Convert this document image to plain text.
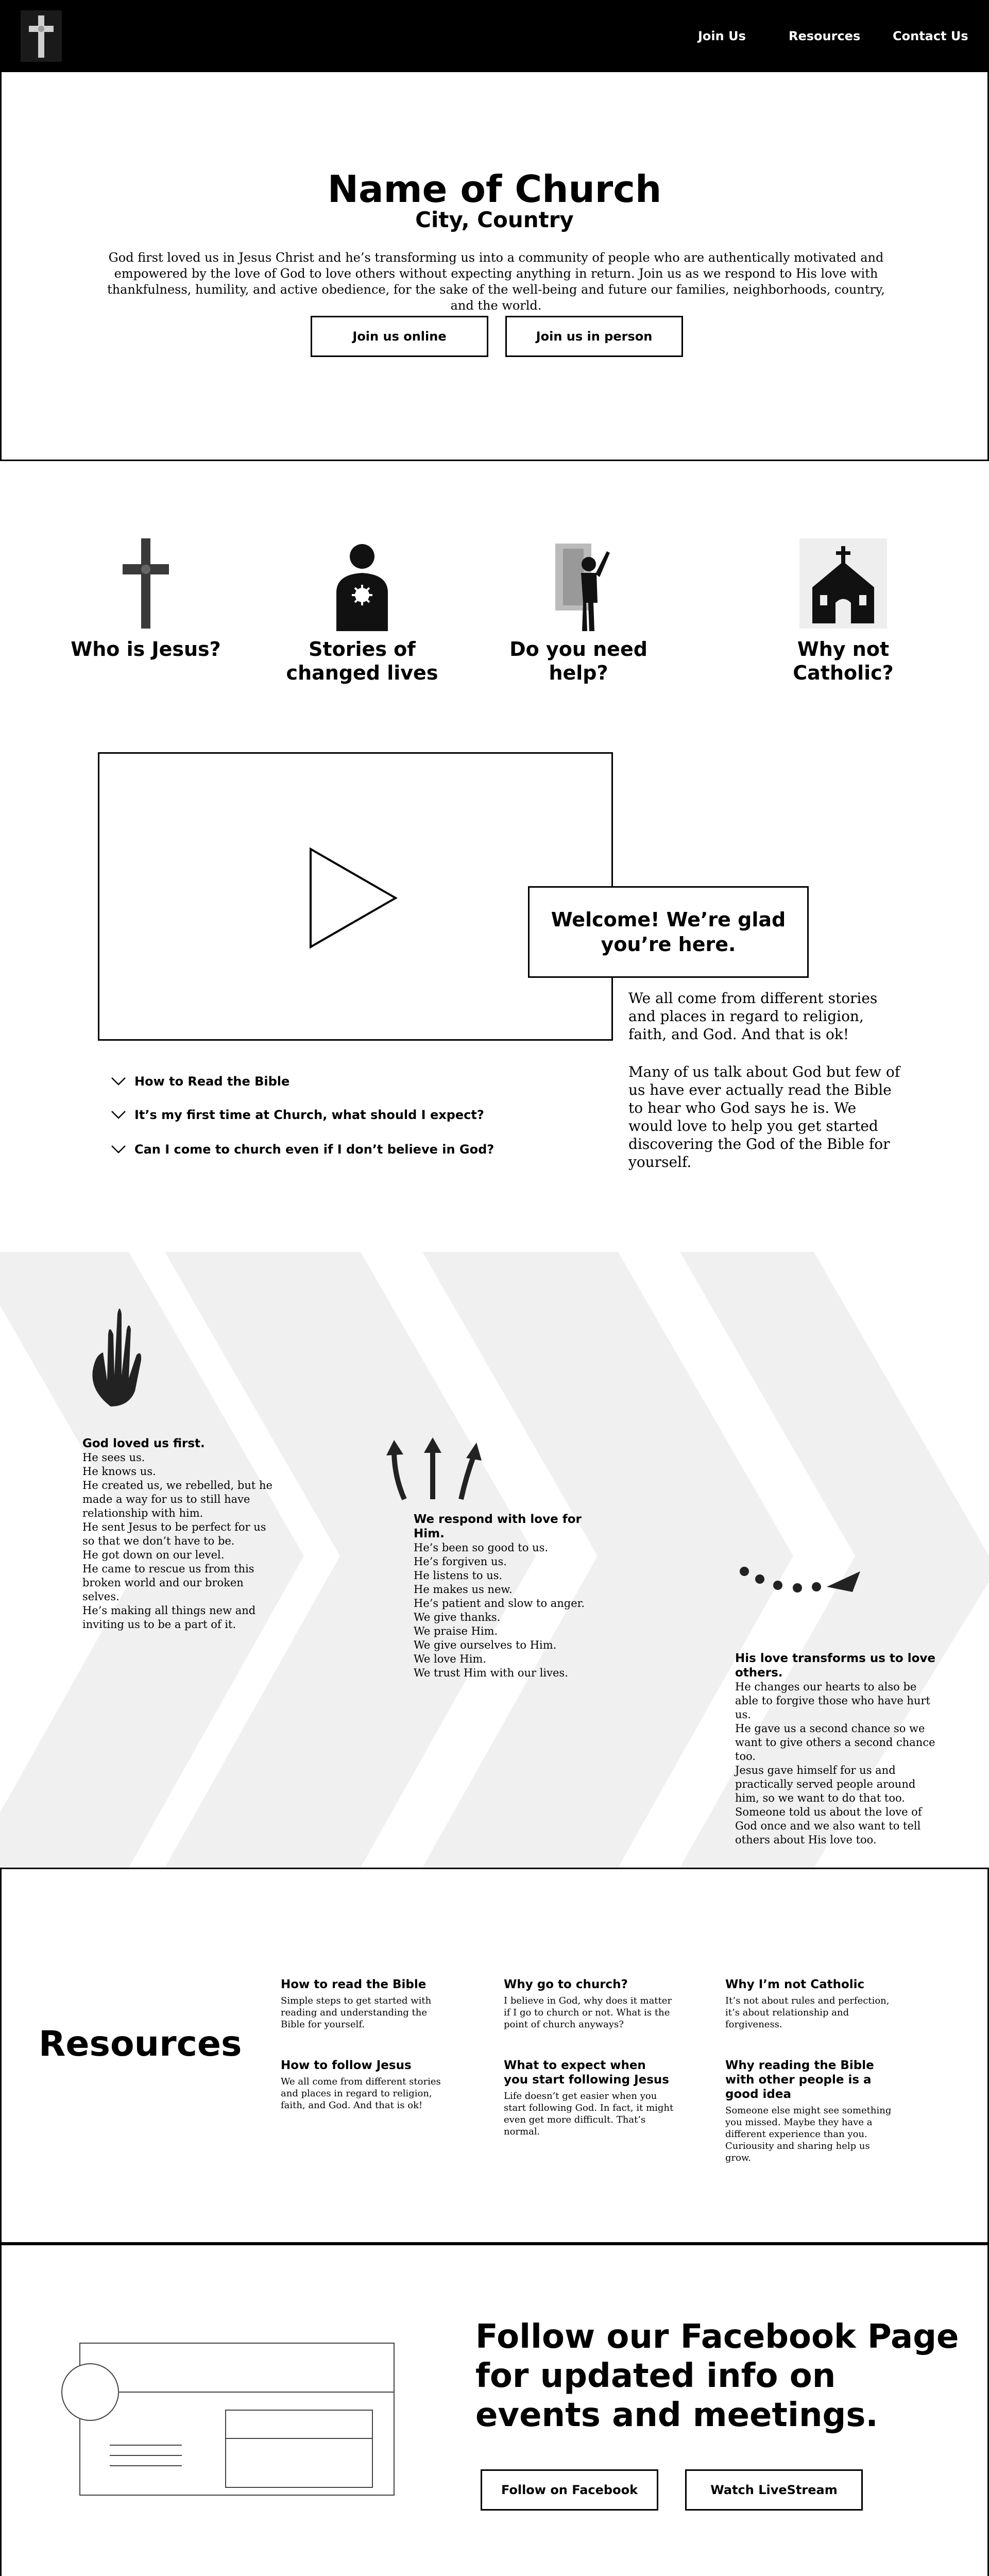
Join Us	Resources	Contact Us
Name of Church
City, Country

God first loved us in Jesus Christ and he’s transforming us into a community of people who are authentically motivated and empowered by the love of God to love others without expecting anything in return. Join us as we respond to His love with thankfulness, humility, and active obedience, for the sake of the well-being and future our families, neighborhoods, country, and the world.

Join us online	Join us in person
Who is Jesus?	Stories of changed lives
Do you need help?
Why not Catholic?
Welcome! We’re glad you’re here.

We all come from different stories and places in regard to religion, faith, and God. And that is ok!

Many of us talk about God but few of us have ever actually read the Bible to hear who God says he is. We would love to help you get started discovering the God of the Bible for yourself.

How to Read the Bible
It’s my first time at Church, what should I expect?
Can I come to church even if I don’t believe in God?
God loved us first.
He sees us.
He knows us.
He created us, we rebelled, but he made a way for us to still have relationship with him.
He sent Jesus to be perfect for us so that we don’t have to be.
He got down on our level.
He came to rescue us from this broken world and our broken selves.
He’s making all things new and inviting us to be a part of it.
We respond with love for Him.
He’s been so good to us.
He’s forgiven us.
He listens to us.
He makes us new.
He’s patient and slow to anger.
We give thanks.
We praise Him.
We give ourselves to Him.
We love Him.
We trust Him with our lives.
His love transforms us to love others.
He changes our hearts to also be able to forgive those who have hurt us.
He gave us a second chance so we want to give others a second chance too.
Jesus gave himself for us and practically served people around him, so we want to do that too.
Someone told us about the love of God once and we also want to tell others about His love too.
Resources
How to read the Bible
Simple steps to get started with reading and understanding the Bible for yourself.
Why go to church?
I believe in God, why does it matter if I go to church or not. What is the point of church anyways?
Why I’m not Catholic
It’s not about rules and perfection, it’s about relationship and forgiveness.
How to follow Jesus
We all come from different stories and places in regard to religion, faith, and God. And that is ok!
What to expect when you start following Jesus
Life doesn’t get easier when you start following God. In fact, it might even get more difficult. That’s normal.
Why reading the Bible with other people is a good idea
Someone else might see something you missed. Maybe they have a different experience than you. Curiousity and sharing help us grow.
Follow our Facebook Page for updated info on events and meetings.
Follow on Facebook	Watch LiveStream
